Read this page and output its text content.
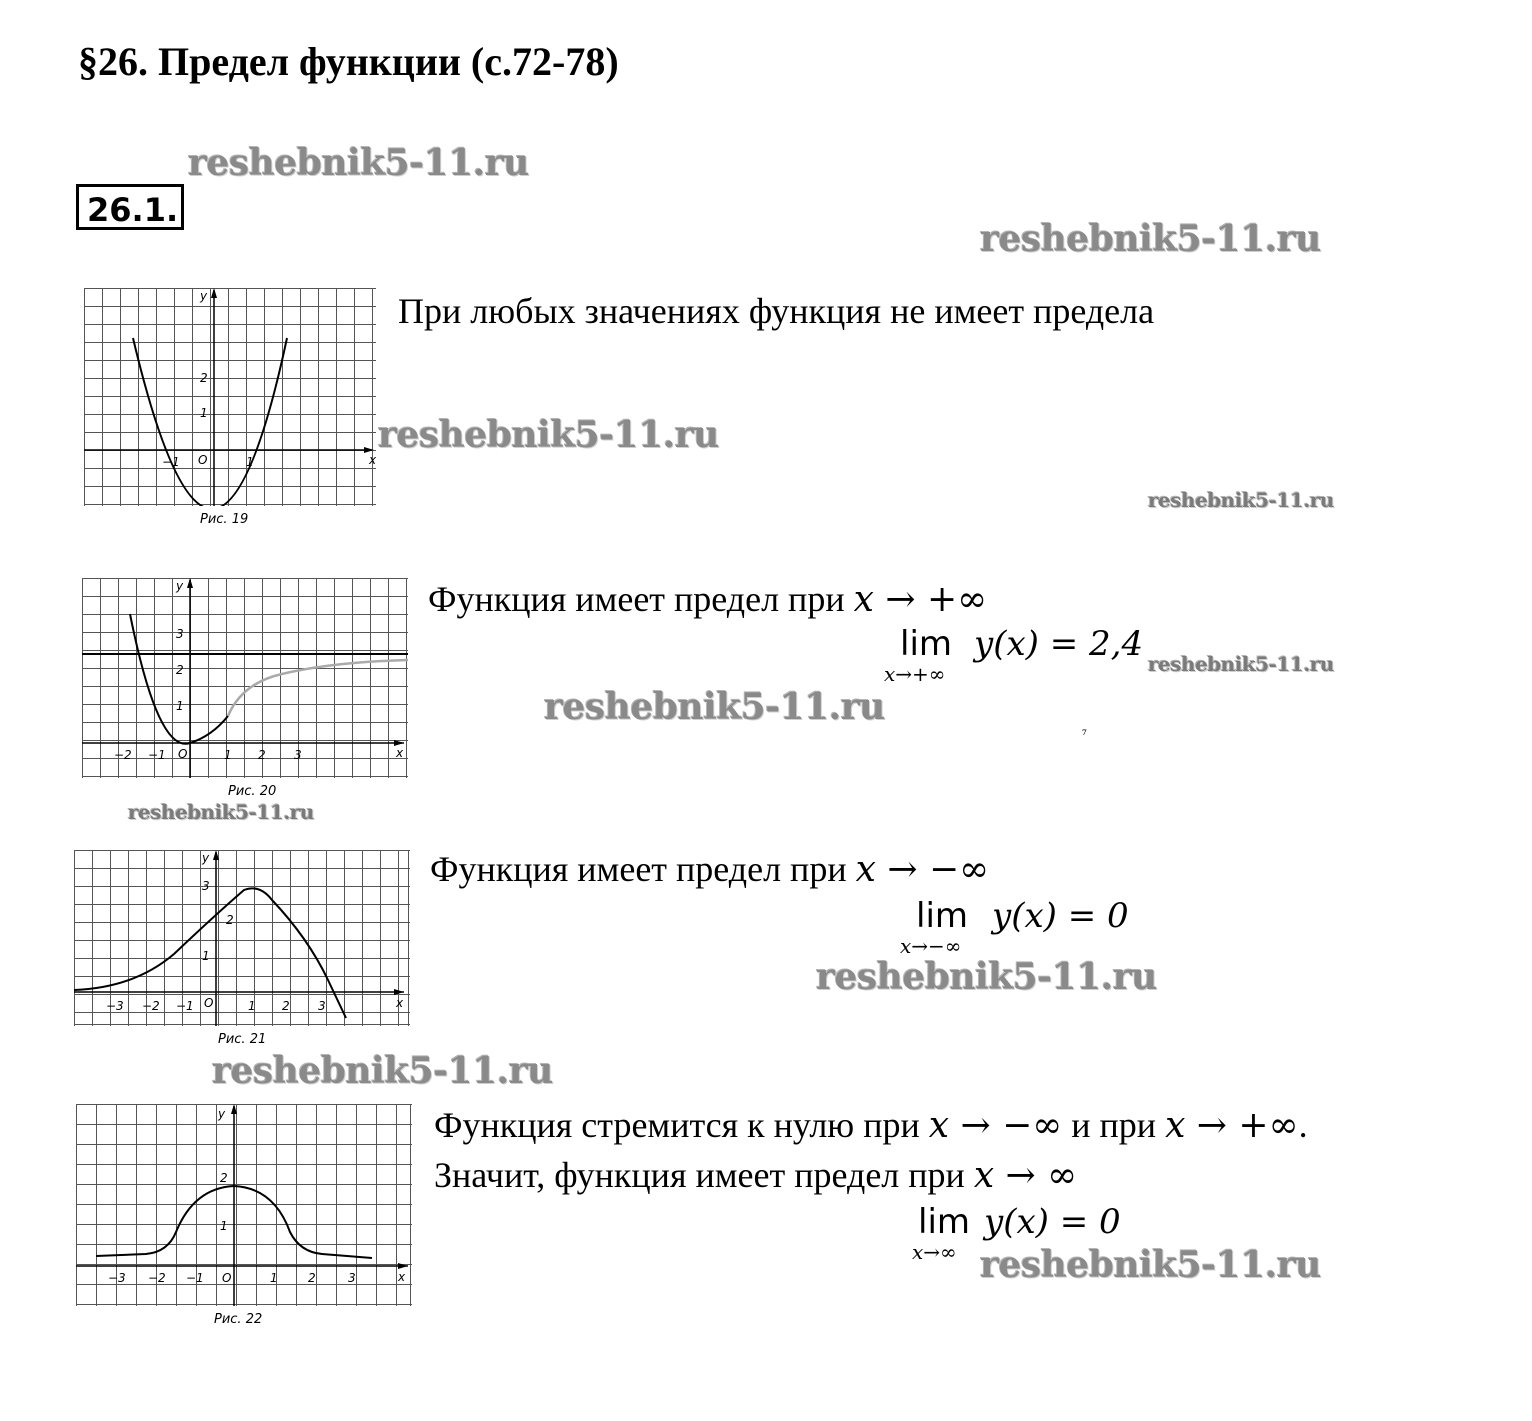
§26. Предел функции (с.72-78)
26.1.
reshebnik5-11.ru
reshebnik5-11.ru
reshebnik5-11.ru
reshebnik5-11.ru
reshebnik5-11.ru
reshebnik5-11.ru
reshebnik5-11.ru
reshebnik5-11.ru
reshebnik5-11.ru
reshebnik5-11.ru
x
y
O
−1	1
1
2
Рис. 19
При любых значениях функция не имеет предела
x
y
O
−2 −1	1 2 3
1
2
3
Рис. 20
Функция имеет предел при x → +∞
lim
x→+∞
y(x) = 2,4
⁷
x
y
O
−3 −2 −1	1 2 3
1
2
3
Рис. 21
Функция имеет предел при x → −∞
lim
x→−∞
y(x) = 0
x
y
O
−3 −2 −1	1	2	3
1
2
Рис. 22
Функция стремится к нулю при x → −∞ и при x → +∞.
Значит, функция имеет предел при x → ∞
lim
x→∞
y(x) = 0
